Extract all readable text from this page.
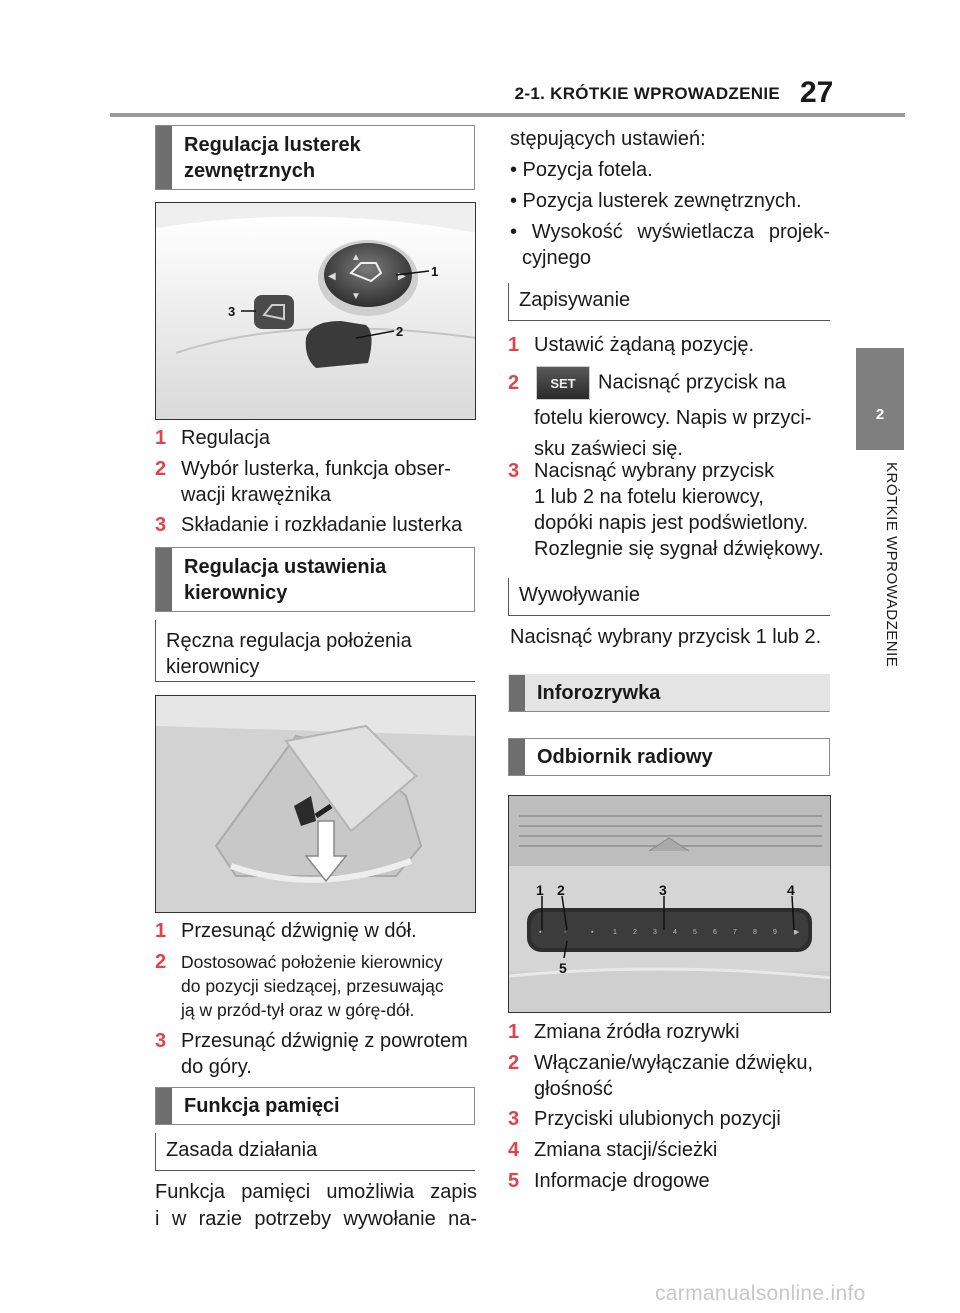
2-1. KRÓTKIE WPROWADZENIE 27
2
KRÓTKIE WPROWADZENIE
Regulacja lusterek
zewnętrznych
▲
▼
◀	▶ 1
2
3
1 Regulacja
2 Wybór lusterka, funkcja obser-
wacji krawężnika
3 Składanie i rozkładanie lusterka
Regulacja ustawienia
kierownicy
Ręczna regulacja położenia
kierownicy
1 Przesunąć dźwignię w dół.
2 Dostosować położenie kierownicy
do pozycji siedzącej, przesuwając
ją w przód-tył oraz w górę-dół.
3 Przesunąć dźwignię z powrotem
do góry.
Funkcja pamięci
Zasada działania
Funkcja pamięci umożliwia zapis
i w razie potrzeby wywołanie na-
stępujących ustawień:
• Pozycja fotela.
• Pozycja lusterek zewnętrznych.
• Wysokość wyświetlacza projek-
cyjnego
Zapisywanie
1 Ustawić żądaną pozycję.
2	SET Nacisnąć przycisk na
fotelu kierowcy. Napis w przyci-
sku zaświeci się.
3 Nacisnąć wybrany przycisk
1 lub 2 na fotelu kierowcy,
dopóki napis jest podświetlony.
Rozlegnie się sygnał dźwiękowy.
Wywoływanie
Nacisnąć wybrany przycisk 1 lub 2.
Inforozrywka
Odbiornik radiowy
▪	◦	▪	1 2 3 4 5 6 7 8 9 ▶
1 2	3	4
5
1 Zmiana źródła rozrywki
2 Włączanie/wyłączanie dźwięku,
głośność
3 Przyciski ulubionych pozycji
4 Zmiana stacji/ścieżki
5 Informacje drogowe
carmanualsonline.info
